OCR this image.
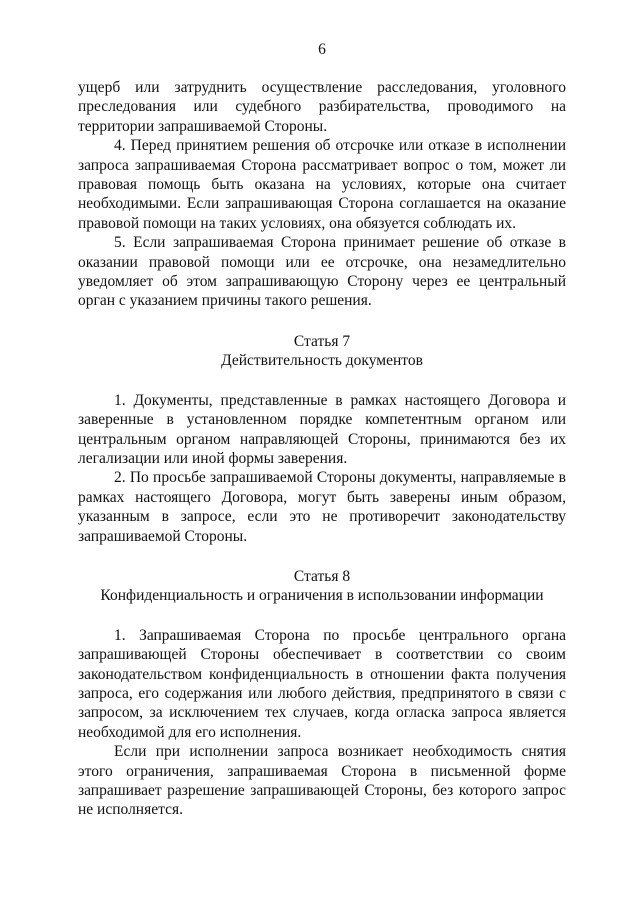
6

ущерб или затруднить осуществление расследования, уголовного преследования или судебного разбирательства, проводимого на территории запрашиваемой Стороны.

4. Перед принятием решения об отсрочке или отказе в исполнении запроса запрашиваемая Сторона рассматривает вопрос о том, может ли правовая помощь быть оказана на условиях, которые она считает необходимыми. Если запрашивающая Сторона соглашается на оказание правовой помощи на таких условиях, она обязуется соблюдать их.

5. Если запрашиваемая Сторона принимает решение об отказе в оказании правовой помощи или ее отсрочке, она незамедлительно уведомляет об этом запрашивающую Сторону через ее центральный орган с указанием причины такого решения.

Статья 7

Действительность документов

1. Документы, представленные в рамках настоящего Договора и заверенные в установленном порядке компетентным органом или центральным органом направляющей Стороны, принимаются без их легализации или иной формы заверения.

2. По просьбе запрашиваемой Стороны документы, направляемые в рамках настоящего Договора, могут быть заверены иным образом, указанным в запросе, если это не противоречит законодательству запрашиваемой Стороны.

Статья 8

Конфиденциальность и ограничения в использовании информации

1. Запрашиваемая Сторона по просьбе центрального органа запрашивающей Стороны обеспечивает в соответствии со своим законодательством конфиденциальность в отношении факта получения запроса, его содержания или любого действия, предпринятого в связи с запросом, за исключением тех случаев, когда огласка запроса является необходимой для его исполнения.

Если при исполнении запроса возникает необходимость снятия этого ограничения, запрашиваемая Сторона в письменной форме запрашивает разрешение запрашивающей Стороны, без которого запрос не исполняется.
